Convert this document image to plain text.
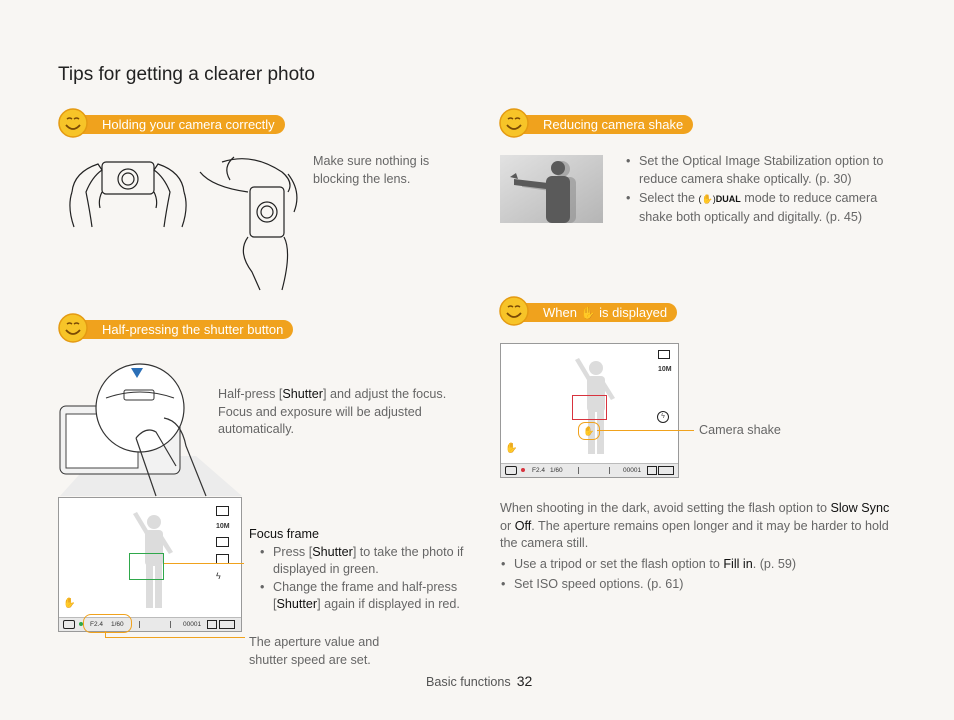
Tips for getting a clearer photo
Holding your camera correctly
Make sure nothing is blocking the lens.
Half-pressing the shutter button
Half-press [Shutter] and adjust the focus. Focus and exposure will be adjusted automatically.
10M
ϟ
✋
F2.4 1/60	00001
Focus frame
• Press [Shutter] to take the photo if displayed in green.
• Change the frame and half-press [Shutter] again if displayed in red.
The aperture value and shutter speed are set.
Reducing camera shake
• Set the Optical Image Stabilization option to reduce camera shake optically. (p. 30)
• Select the (✋)DUAL mode to reduce camera shake both optically and digitally. (p. 45)
When ✋ is displayed
✋
10M
ϟ
✋
F2.4 1/60	00001
Camera shake
When shooting in the dark, avoid setting the flash option to Slow Sync or Off. The aperture remains open longer and it may be harder to hold the camera still.
• Use a tripod or set the flash option to Fill in. (p. 59)
• Set ISO speed options. (p. 61)
Basic functions 32
